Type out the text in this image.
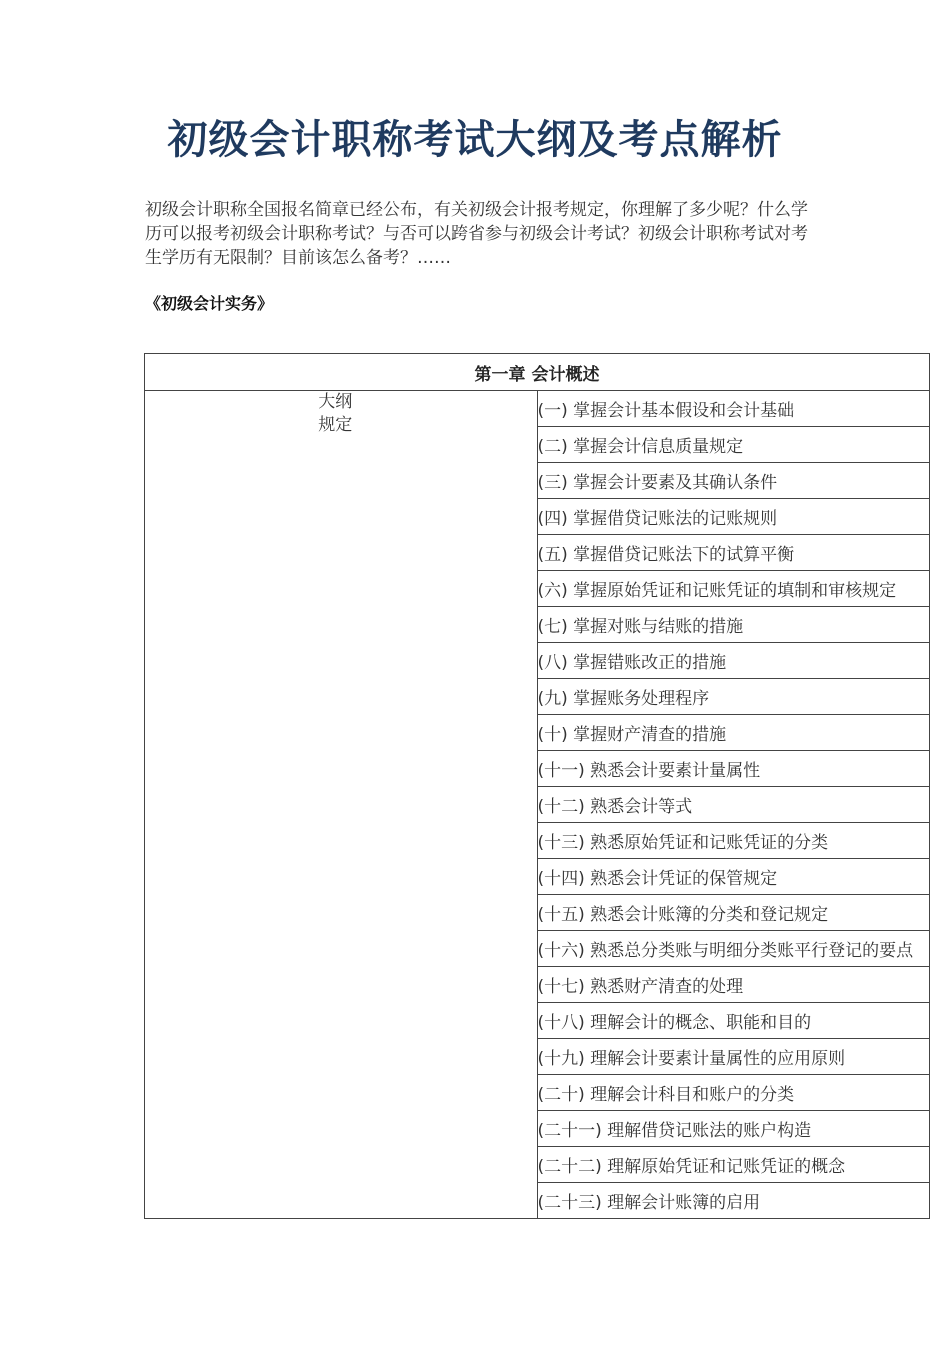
初级会计职称考试大纲及考点解析
初级会计职称全国报名简章已经公布，有关初级会计报考规定，你理解了多少呢？什么学历可以报考初级会计职称考试？与否可以跨省参与初级会计考试？初级会计职称考试对考生学历有无限制？目前该怎么备考？……
《初级会计实务》
第一章 会计概述
大纲规定	(一) 掌握会计基本假设和会计基础
(二) 掌握会计信息质量规定
(三) 掌握会计要素及其确认条件
(四) 掌握借贷记账法的记账规则
(五) 掌握借贷记账法下的试算平衡
(六) 掌握原始凭证和记账凭证的填制和审核规定
(七) 掌握对账与结账的措施
(八) 掌握错账改正的措施
(九) 掌握账务处理程序
(十) 掌握财产清查的措施
(十一) 熟悉会计要素计量属性
(十二) 熟悉会计等式
(十三) 熟悉原始凭证和记账凭证的分类
(十四) 熟悉会计凭证的保管规定
(十五) 熟悉会计账簿的分类和登记规定
(十六) 熟悉总分类账与明细分类账平行登记的要点
(十七) 熟悉财产清查的处理
(十八) 理解会计的概念、职能和目的
(十九) 理解会计要素计量属性的应用原则
(二十) 理解会计科目和账户的分类
(二十一) 理解借贷记账法的账户构造
(二十二) 理解原始凭证和记账凭证的概念
(二十三) 理解会计账簿的启用
